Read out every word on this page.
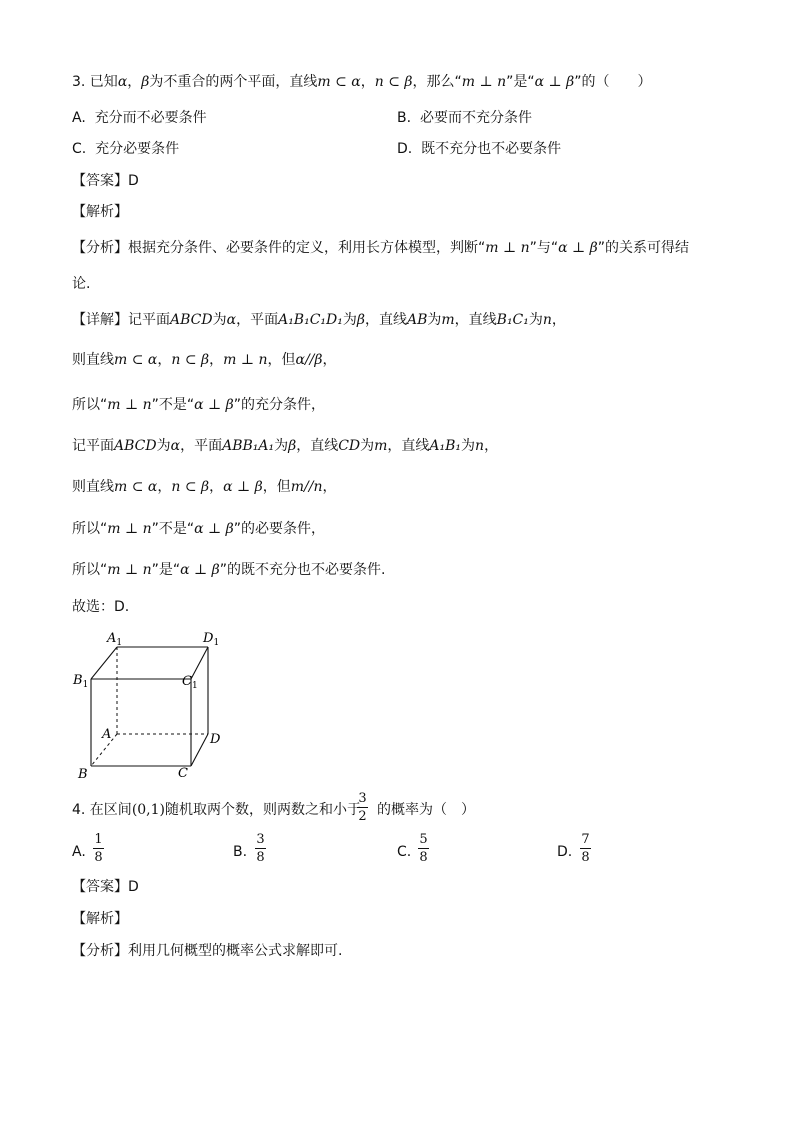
3. 已知α，β为不重合的两个平面，直线m ⊂ α，n ⊂ β，那么“m ⊥ n”是“α ⊥ β”的（　　）
A. 充分而不必要条件	B. 必要而不充分条件
C. 充分必要条件	D. 既不充分也不必要条件
【答案】D
【解析】
【分析】根据充分条件、必要条件的定义，利用长方体模型，判断“m ⊥ n”与“α ⊥ β”的关系可得结
论.
【详解】记平面ABCD为α，平面A₁B₁C₁D₁为β，直线AB为m，直线B₁C₁为n，
则直线m ⊂ α，n ⊂ β，m ⊥ n，但α//β，
所以“m ⊥ n”不是“α ⊥ β”的充分条件，
记平面ABCD为α，平面ABB₁A₁为β，直线CD为m，直线A₁B₁为n，
则直线m ⊂ α，n ⊂ β，α ⊥ β，但m//n，
所以“m ⊥ n”不是“α ⊥ β”的必要条件，
所以“m ⊥ n”是“α ⊥ β”的既不充分也不必要条件.
故选：D.
$A_1$	$D_1$
$B_1$	$C_1$
A	D
B	C
4. 在区间(0,1)随机取两个数，则两数之和小于 的概率为（　）
3
2
A.
1
8	B.
3
8	C.
5
8	D.
7
8
【答案】D
【解析】
【分析】利用几何概型的概率公式求解即可.
